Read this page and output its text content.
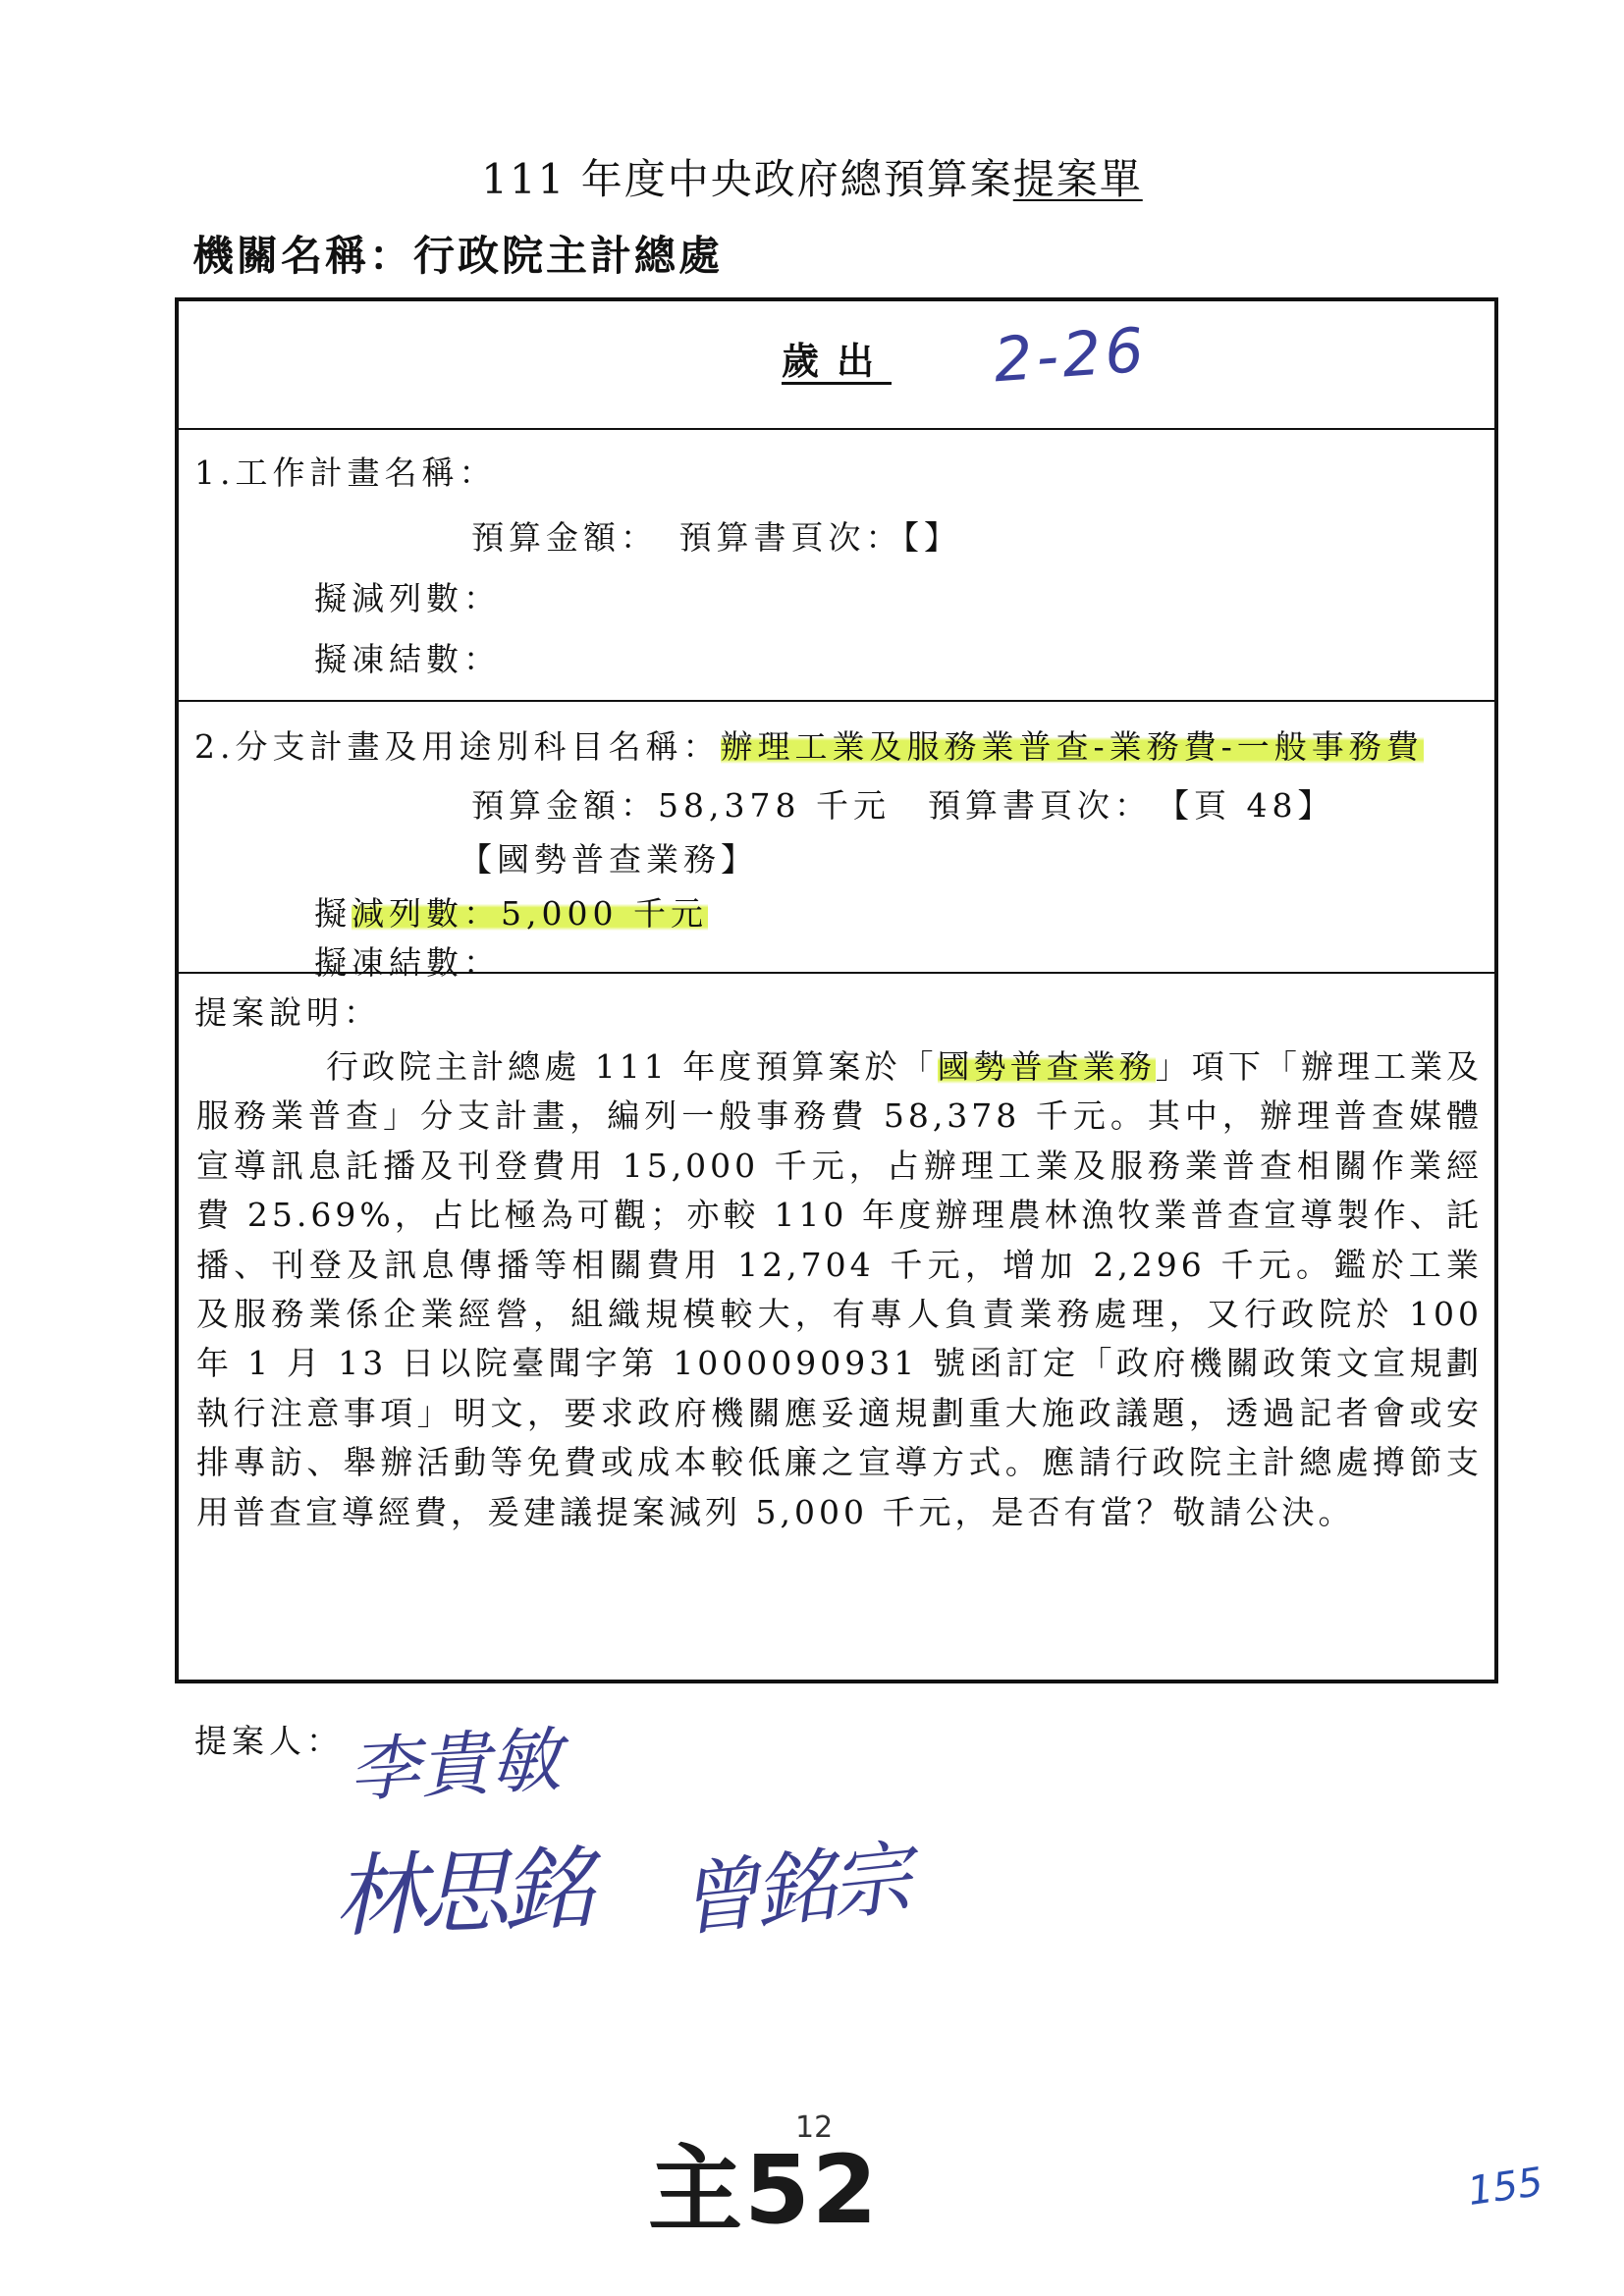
111 年度中央政府總預算案提案單
機關名稱：行政院主計總處
歲出	2-26
1.工作計畫名稱：
預算金額：　預算書頁次：【】
擬減列數：
擬凍結數：
2.分支計畫及用途別科目名稱：辦理工業及服務業普查-業務費-一般事務費
預算金額：58,378 千元　預算書頁次：　【頁 48】
【國勢普查業務】
擬減列數：5,000 千元
擬凍結數：
提案說明：
行政院主計總處 111 年度預算案於「國勢普查業務」項下「辦理工業及服務業普查」分支計畫，編列一般事務費 58,378 千元。其中，辦理普查媒體宣導訊息託播及刊登費用 15,000 千元，占辦理工業及服務業普查相關作業經費 25.69%，占比極為可觀；亦較 110 年度辦理農林漁牧業普查宣導製作、託播、刊登及訊息傳播等相關費用 12,704 千元，增加 2,296 千元。鑑於工業及服務業係企業經營，組織規模較大，有專人負責業務處理，又行政院於 100 年 1 月 13 日以院臺聞字第 1000090931 號函訂定「政府機關政策文宣規劃執行注意事項」明文，要求政府機關應妥適規劃重大施政議題，透過記者會或安排專訪、舉辦活動等免費或成本較低廉之宣導方式。應請行政院主計總處撙節支用普查宣導經費，爰建議提案減列 5,000 千元，是否有當？敬請公決。
提案人： 李貴敏
林思銘 曾銘宗
主52
12
155
